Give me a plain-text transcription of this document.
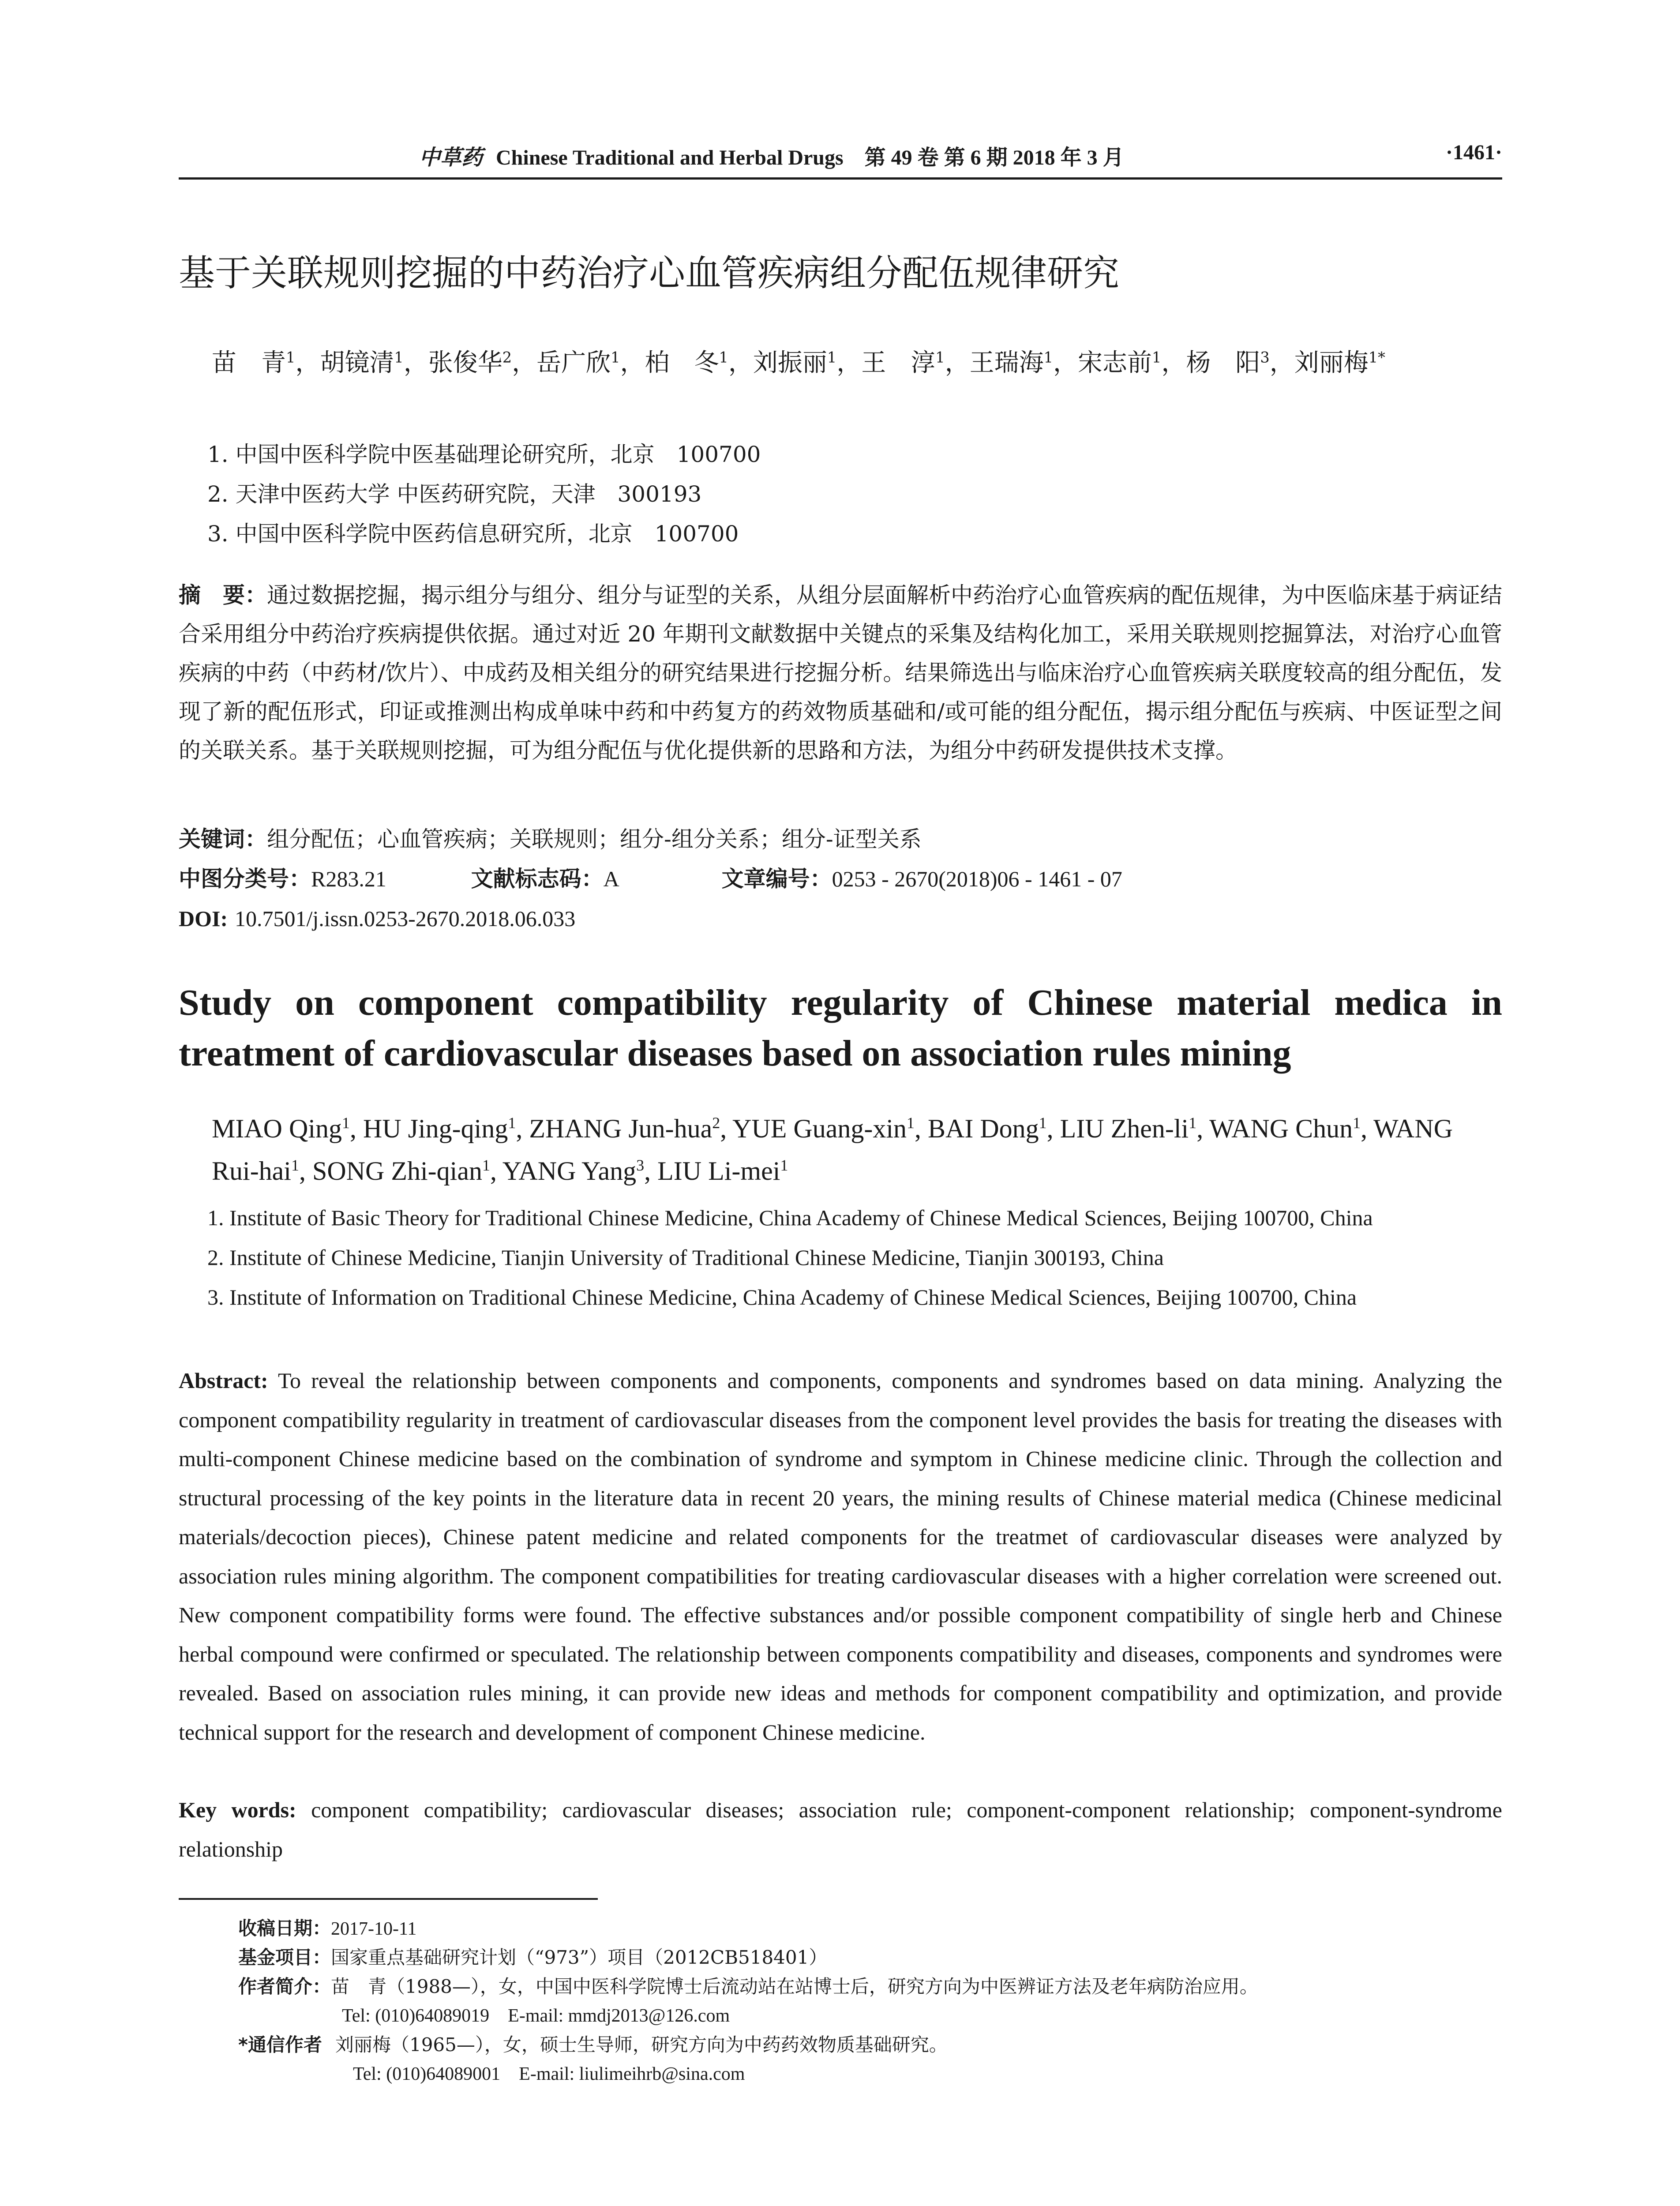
中草药 Chinese Traditional and Herbal Drugs　第 49 卷 第 6 期 2018 年 3 月	·1461·
基于关联规则挖掘的中药治疗心血管疾病组分配伍规律研究
苗　青$^1$，胡镜清$^1$，张俊华$^2$，岳广欣$^1$，柏　冬$^1$，刘振丽$^1$，王　淳$^1$，王瑞海$^1$，宋志前$^1$，杨　阳$^3$，刘丽梅$^{1*}$
1. 中国中医科学院中医基础理论研究所，北京　100700
2. 天津中医药大学 中医药研究院，天津　300193
3. 中国中医科学院中医药信息研究所，北京　100700
摘　要：通过数据挖掘，揭示组分与组分、组分与证型的关系，从组分层面解析中药治疗心血管疾病的配伍规律，为中医临床基于病证结合采用组分中药治疗疾病提供依据。通过对近 20 年期刊文献数据中关键点的采集及结构化加工，采用关联规则挖掘算法，对治疗心血管疾病的中药（中药材/饮片）、中成药及相关组分的研究结果进行挖掘分析。结果筛选出与临床治疗心血管疾病关联度较高的组分配伍，发现了新的配伍形式，印证或推测出构成单味中药和中药复方的药效物质基础和/或可能的组分配伍，揭示组分配伍与疾病、中医证型之间的关联关系。基于关联规则挖掘，可为组分配伍与优化提供新的思路和方法，为组分中药研发提供技术支撑。
关键词：组分配伍；心血管疾病；关联规则；组分-组分关系；组分-证型关系
中图分类号：R283.21	文献标志码：A	文章编号：0253 - 2670(2018)06 - 1461 - 07
DOI: 10.7501/j.issn.0253-2670.2018.06.033
Study on component compatibility regularity of Chinese material medica in treatment of cardiovascular diseases based on association rules mining
MIAO Qing$^1$, HU Jing-qing$^1$, ZHANG Jun-hua$^2$, YUE Guang-xin$^1$, BAI Dong$^1$, LIU Zhen-$li^1$, WANG Chun$^1$, WANG Rui-hai$^1$, SONG Zhi-qian$^1$, YANG Yang$^3$, LIU Li-mei$^1$
1. Institute of Basic Theory for Traditional Chinese Medicine, China Academy of Chinese Medical Sciences, Beijing 100700, China
2. Institute of Chinese Medicine, Tianjin University of Traditional Chinese Medicine, Tianjin 300193, China
3. Institute of Information on Traditional Chinese Medicine, China Academy of Chinese Medical Sciences, Beijing 100700, China
Abstract: To reveal the relationship between components and components, components and syndromes based on data mining. Analyzing the component compatibility regularity in treatment of cardiovascular diseases from the component level provides the basis for treating the diseases with multi-component Chinese medicine based on the combination of syndrome and symptom in Chinese medicine clinic. Through the collection and structural processing of the key points in the literature data in recent 20 years, the mining results of Chinese material medica (Chinese medicinal materials/decoction pieces), Chinese patent medicine and related components for the treatmet of cardiovascular diseases were analyzed by association rules mining algorithm. The component compatibilities for treating cardiovascular diseases with a higher correlation were screened out. New component compatibility forms were found. The effective substances and/or possible component compatibility of single herb and Chinese herbal compound were confirmed or speculated. The relationship between components compatibility and diseases, components and syndromes were revealed. Based on association rules mining, it can provide new ideas and methods for component compatibility and optimization, and provide technical support for the research and development of component Chinese medicine.
Key words: component compatibility; cardiovascular diseases; association rule; component-component relationship; component-syndrome relationship
收稿日期：2017-10-11
基金项目：国家重点基础研究计划（“973”）项目（2012CB518401）
作者简介：苗　青（1988—），女，中国中医科学院博士后流动站在站博士后，研究方向为中医辨证方法及老年病防治应用。
Tel: (010)64089019　E-mail: mmdj2013@126.com
*通信作者 刘丽梅（1965—），女，硕士生导师，研究方向为中药药效物质基础研究。
Tel: (010)64089001　E-mail: liulimeihrb@sina.com
